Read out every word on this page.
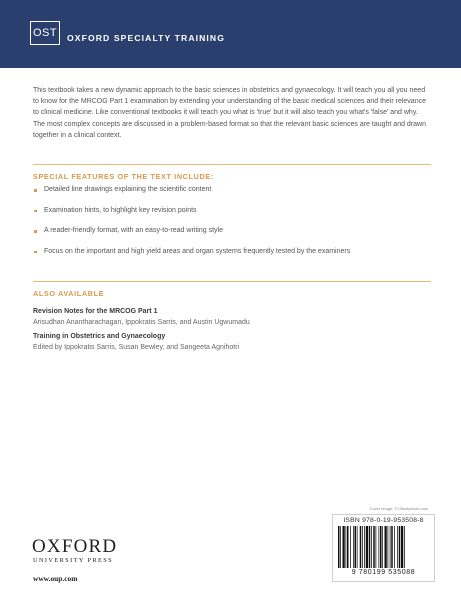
OST	OXFORD SPECIALTY TRAINING

This textbook takes a new dynamic approach to the basic sciences in obstetrics and gynaecology. It will teach you all you need to know for the MRCOG Part 1 examination by extending your understanding of the basic medical sciences and their relevance to clinical medicine. Like conventional textbooks it will teach you what is 'true' but it will also teach you what's 'false' and why. The most complex concepts are discussed in a problem-based format so that the relevant basic sciences are taught and drawn together in a clinical context.

SPECIAL FEATURES OF THE TEXT INCLUDE:
Detailed line drawings explaining the scientific content
Examination hints, to highlight key revision points
A reader-friendly format, with an easy-to-read writing style
Focus on the important and high yield areas and organ systems frequently tested by the examiners
ALSO AVAILABLE
Revision Notes for the MRCOG Part 1
Arisudhan Anantharachagan, Ippokratis Sarris, and Austin Ugwumadu
Training in Obstetrics and Gynaecology
Edited by Ippokratis Sarris, Susan Bewley, and Sangeeta Agnihotri
Cover image: © iStockphoto.com
ISBN 978-0-19-953508-8
9 780199 535088
OXFORD
UNIVERSITY PRESS
www.oup.com
